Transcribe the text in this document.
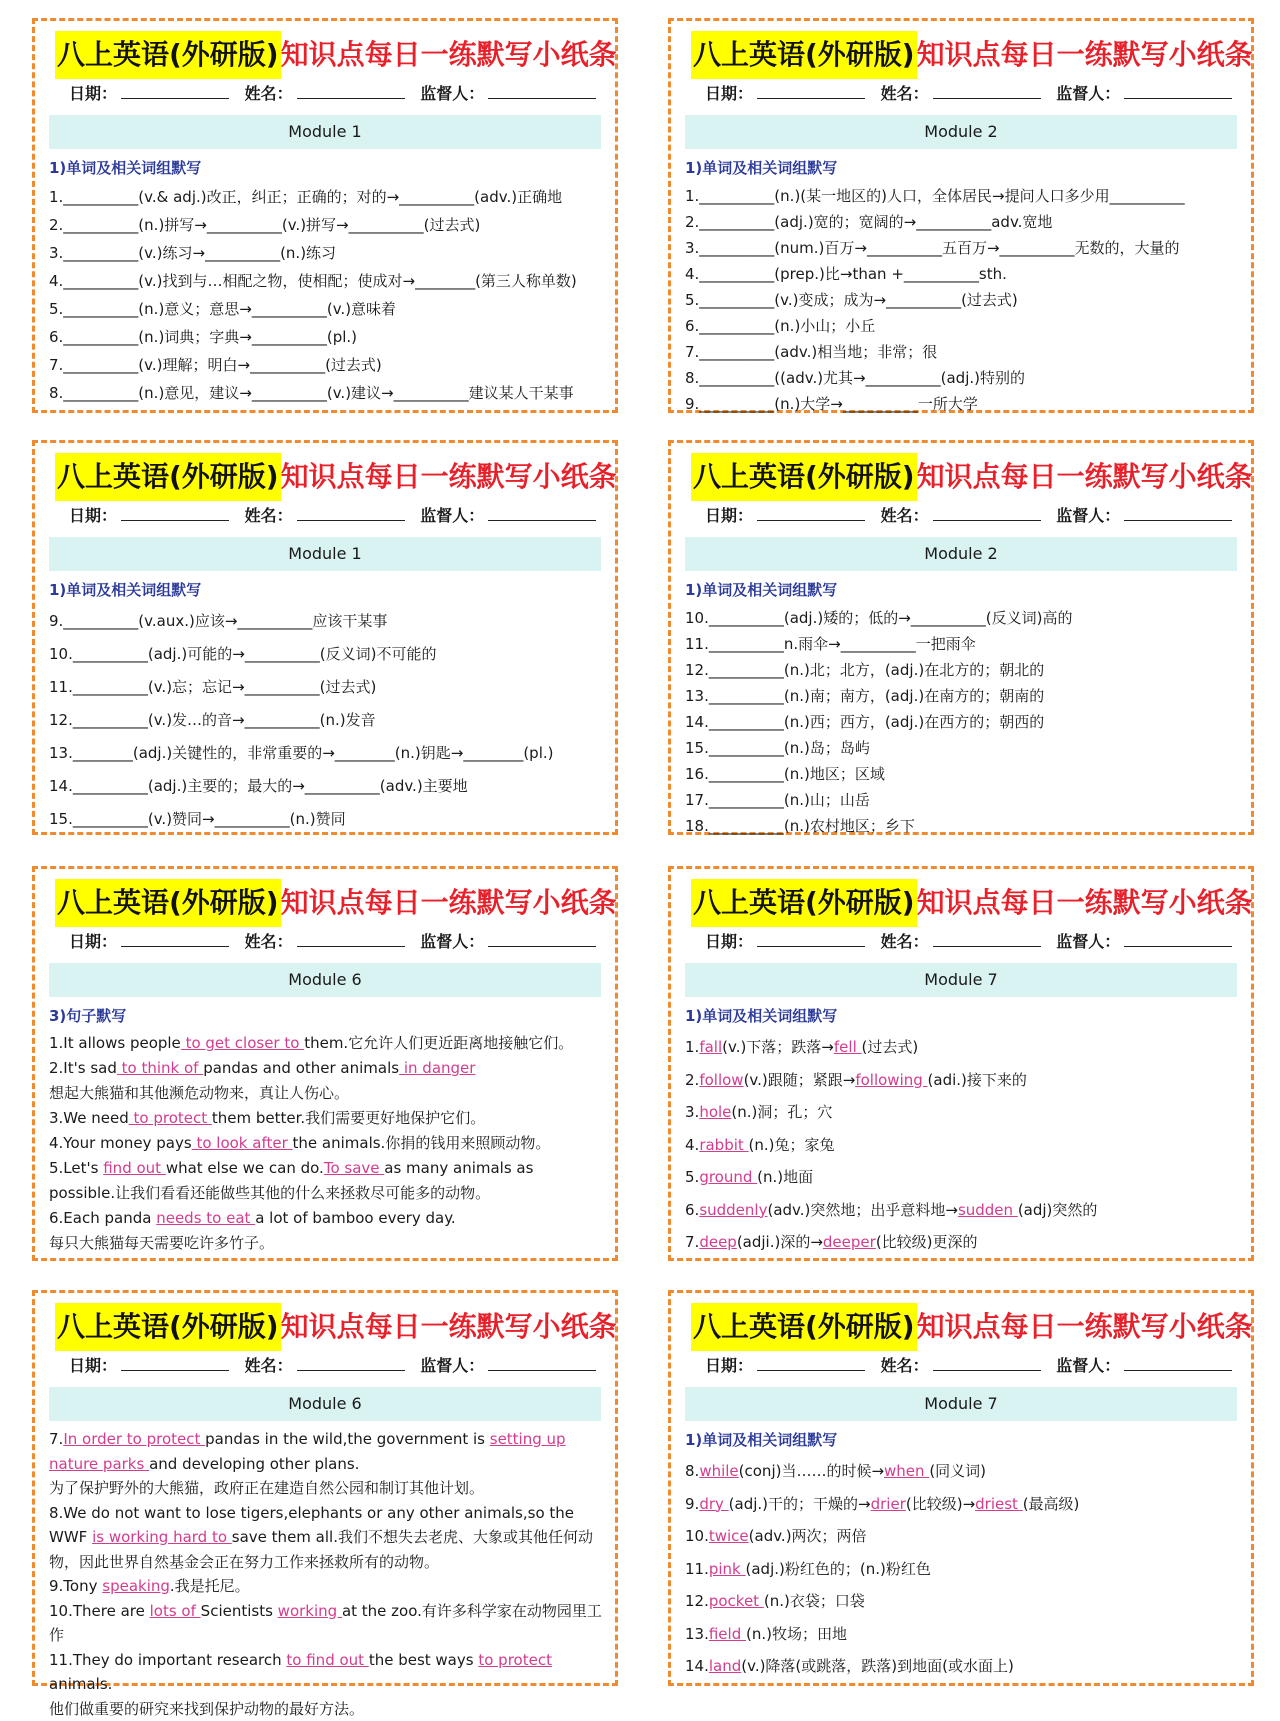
八上英语(外研版)知识点每日一练默写小纸条
日期：	姓名：	监督人：
Module 1
1)单词及相关词组默写
1.__________(v.& adj.)改正，纠正；正确的；对的→__________(adv.)正确地
2.__________(n.)拼写→__________(v.)拼写→__________(过去式)
3.__________(v.)练习→__________(n.)练习
4.__________(v.)找到与…相配之物，使相配；使成对→________(第三人称单数)
5.__________(n.)意义；意思→__________(v.)意味着
6.__________(n.)词典；字典→__________(pl.)
7.__________(v.)理解；明白→__________(过去式)
8.__________(n.)意见，建议→__________(v.)建议→__________建议某人干某事
八上英语(外研版)知识点每日一练默写小纸条
日期：	姓名：	监督人：
Module 2
1)单词及相关词组默写
1.__________(n.)(某一地区的)人口，全体居民→提问人口多少用__________
2.__________(adj.)宽的；宽阔的→__________adv.宽地
3.__________(num.)百万→__________五百万→__________无数的，大量的
4.__________(prep.)比→than +__________sth.
5.__________(v.)变成；成为→__________(过去式)
6.__________(n.)小山；小丘
7.__________(adv.)相当地；非常；很
8.__________((adv.)尤其→__________(adj.)特别的
9.__________(n.)大学→__________一所大学
八上英语(外研版)知识点每日一练默写小纸条
日期：	姓名：	监督人：
Module 1
1)单词及相关词组默写
9.__________(v.aux.)应该→__________应该干某事
10.__________(adj.)可能的→__________(反义词)不可能的
11.__________(v.)忘；忘记→__________(过去式)
12.__________(v.)发…的音→__________(n.)发音
13.________(adj.)关键性的，非常重要的→________(n.)钥匙→________(pl.)
14.__________(adj.)主要的；最大的→__________(adv.)主要地
15.__________(v.)赞同→__________(n.)赞同
八上英语(外研版)知识点每日一练默写小纸条
日期：	姓名：	监督人：
Module 2
1)单词及相关词组默写
10.__________(adj.)矮的；低的→__________(反义词)高的
11.__________n.雨伞→__________一把雨伞
12.__________(n.)北；北方，(adj.)在北方的；朝北的
13.__________(n.)南；南方，(adj.)在南方的；朝南的
14.__________(n.)西；西方，(adj.)在西方的；朝西的
15.__________(n.)岛；岛屿
16.__________(n.)地区；区域
17.__________(n.)山；山岳
18.__________(n.)农村地区；乡下
八上英语(外研版)知识点每日一练默写小纸条
日期：	姓名：	监督人：
Module 6
3)句子默写
1.It allows people to get closer to them.它允许人们更近距离地接触它们。
2.It's sad to think of pandas and other animals in danger
想起大熊猫和其他濒危动物来，真让人伤心。
3.We need to protect them better.我们需要更好地保护它们。
4.Your money pays to look after the animals.你捐的钱用来照顾动物。
5.Let's find out what else we can do.To save as many animals as possible.让我们看看还能做些其他的什么来拯救尽可能多的动物。
6.Each panda needs to eat a lot of bamboo every day.
每只大熊猫每天需要吃许多竹子。
八上英语(外研版)知识点每日一练默写小纸条
日期：	姓名：	监督人：
Module 7
1)单词及相关词组默写
1.fall(v.)下落；跌落→fell (过去式)
2.follow(v.)跟随；紧跟→following (adi.)接下来的
3.hole(n.)洞；孔；穴
4.rabbit (n.)兔；家兔
5.ground (n.)地面
6.suddenly(adv.)突然地；出乎意料地→sudden (adj)突然的
7.deep(adji.)深的→deeper(比较级)更深的
八上英语(外研版)知识点每日一练默写小纸条
日期：	姓名：	监督人：
Module 6
7.In order to protect pandas in the wild,the government is setting up nature parks and developing other plans.
为了保护野外的大熊猫，政府正在建造自然公园和制订其他计划。
8.We do not want to lose tigers,elephants or any other animals,so the WWF is working hard to save them all.我们不想失去老虎、大象或其他任何动物，因此世界自然基金会正在努力工作来拯救所有的动物。
9.Tony speaking.我是托尼。
10.There are lots of Scientists working at the zoo.有许多科学家在动物园里工作
11.They do important research to find out the best ways to protect animals.
他们做重要的研究来找到保护动物的最好方法。
八上英语(外研版)知识点每日一练默写小纸条
日期：	姓名：	监督人：
Module 7
1)单词及相关词组默写
8.while(conj)当……的时候→when (同义词)
9.dry (adj.)干的；干燥的→drier(比较级)→driest (最高级)
10.twice(adv.)两次；两倍
11.pink (adj.)粉红色的；(n.)粉红色
12.pocket (n.)衣袋；口袋
13.field (n.)牧场；田地
14.land(v.)降落(或跳落，跌落)到地面(或水面上)
